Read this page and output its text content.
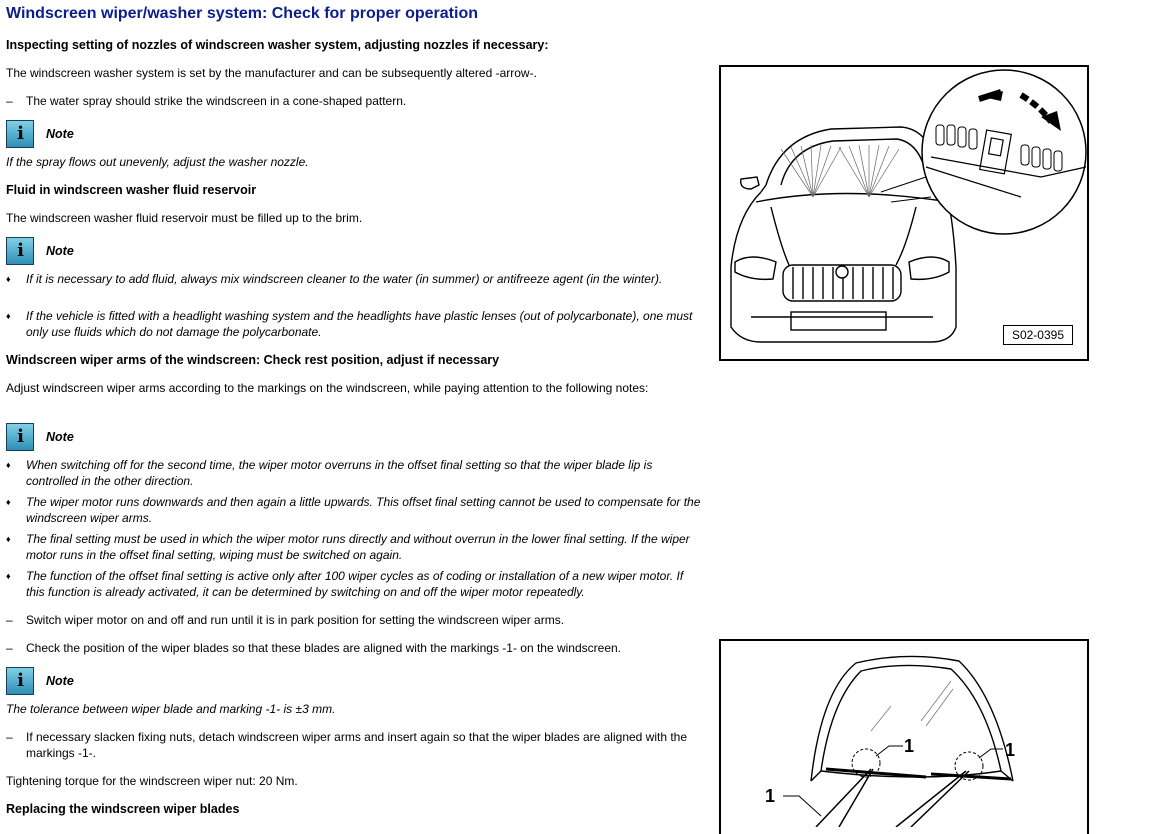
Windscreen wiper/washer system: Check for proper operation
Inspecting setting of nozzles of windscreen washer system, adjusting nozzles if necessary:
The windscreen washer system is set by the manufacturer and can be subsequently altered -arrow-.
– The water spray should strike the windscreen in a cone-shaped pattern.
i	Note
If the spray flows out unevenly, adjust the washer nozzle.
Fluid in windscreen washer fluid reservoir
The windscreen washer fluid reservoir must be filled up to the brim.
i	Note
♦ If it is necessary to add fluid, always mix windscreen cleaner to the water (in summer) or antifreeze agent (in the winter).
♦ If the vehicle is fitted with a headlight washing system and the headlights have plastic lenses (out of polycarbonate), one must only use fluids which do not damage the polycarbonate.
Windscreen wiper arms of the windscreen: Check rest position, adjust if necessary
Adjust windscreen wiper arms according to the markings on the windscreen, while paying attention to the following notes:
i	Note
♦ When switching off for the second time, the wiper motor overruns in the offset final setting so that the wiper blade lip is controlled in the other direction.
♦ The wiper motor runs downwards and then again a little upwards. This offset final setting cannot be used to compensate for the windscreen wiper arms.
♦ The final setting must be used in which the wiper motor runs directly and without overrun in the lower final setting. If the wiper motor runs in the offset final setting, wiping must be switched on again.
♦ The function of the offset final setting is active only after 100 wiper cycles as of coding or installation of a new wiper motor. If this function is already activated, it can be determined by switching on and off the wiper motor repeatedly.
– Switch wiper motor on and off and run until it is in park position for setting the windscreen wiper arms.
– Check the position of the wiper blades so that these blades are aligned with the markings -1- on the windscreen.
i	Note
The tolerance between wiper blade and marking -1- is ±3 mm.
– If necessary slacken fixing nuts, detach windscreen wiper arms and insert again so that the wiper blades are aligned with the markings -1-.
Tightening torque for the windscreen wiper nut: 20 Nm.
Replacing the windscreen wiper blades
S02-0395
1	1
1
